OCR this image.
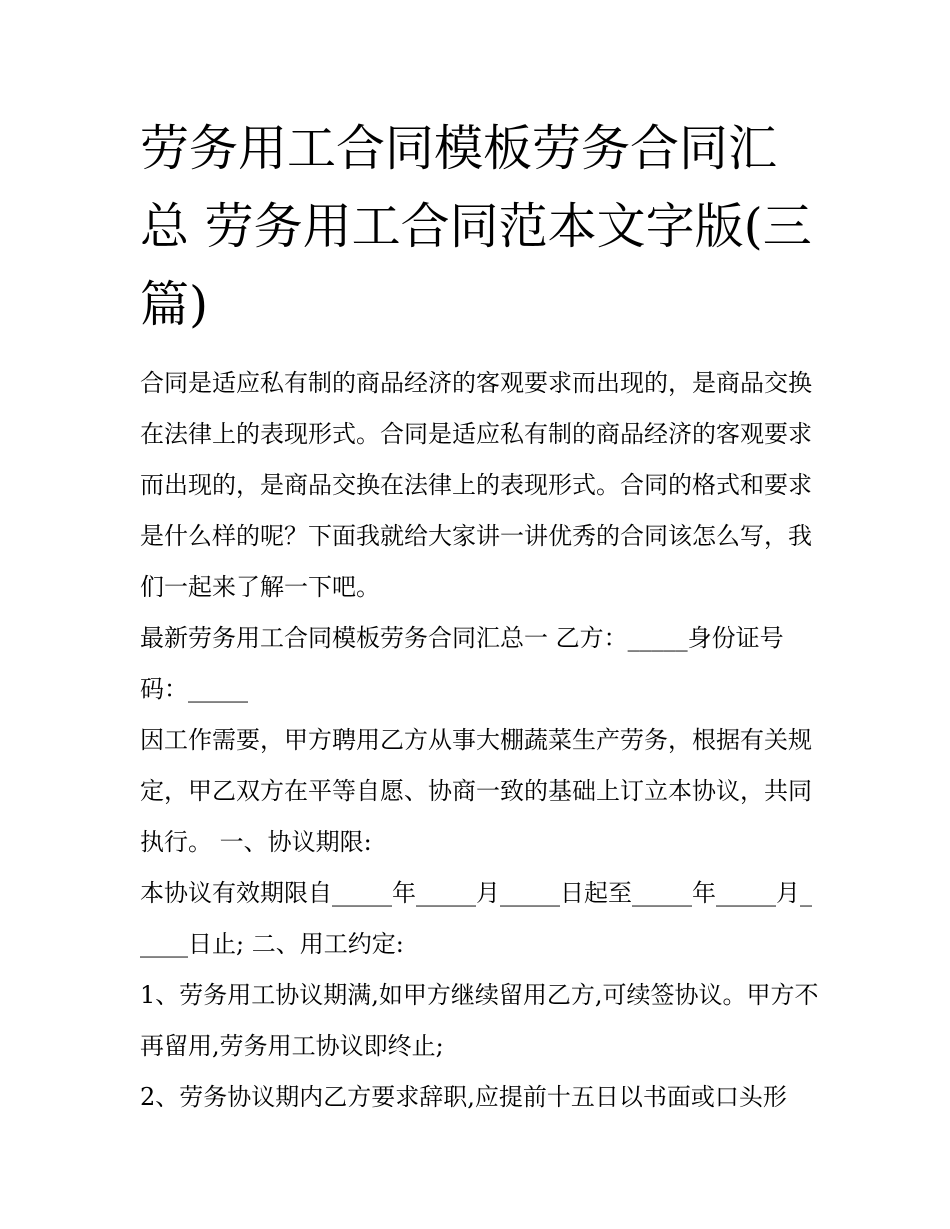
劳务用工合同模板劳务合同汇总 劳务用工合同范本文字版(三篇)

合同是适应私有制的商品经济的客观要求而出现的，是商品交换在法律上的表现形式。合同是适应私有制的商品经济的客观要求而出现的，是商品交换在法律上的表现形式。合同的格式和要求是什么样的呢？下面我就给大家讲一讲优秀的合同该怎么写，我们一起来了解一下吧。

最新劳务用工合同模板劳务合同汇总一 乙方：_____身份证号码：_____

因工作需要，甲方聘用乙方从事大棚蔬菜生产劳务，根据有关规定，甲乙双方在平等自愿、协商一致的基础上订立本协议，共同执行。 一、协议期限:

本协议有效期限自_____年_____月_____日起至_____年_____月_____日止; 二、用工约定:

1、劳务用工协议期满,如甲方继续留用乙方,可续签协议。甲方不再留用,劳务用工协议即终止;

2、劳务协议期内乙方要求辞职,应提前十五日以书面或口头形
